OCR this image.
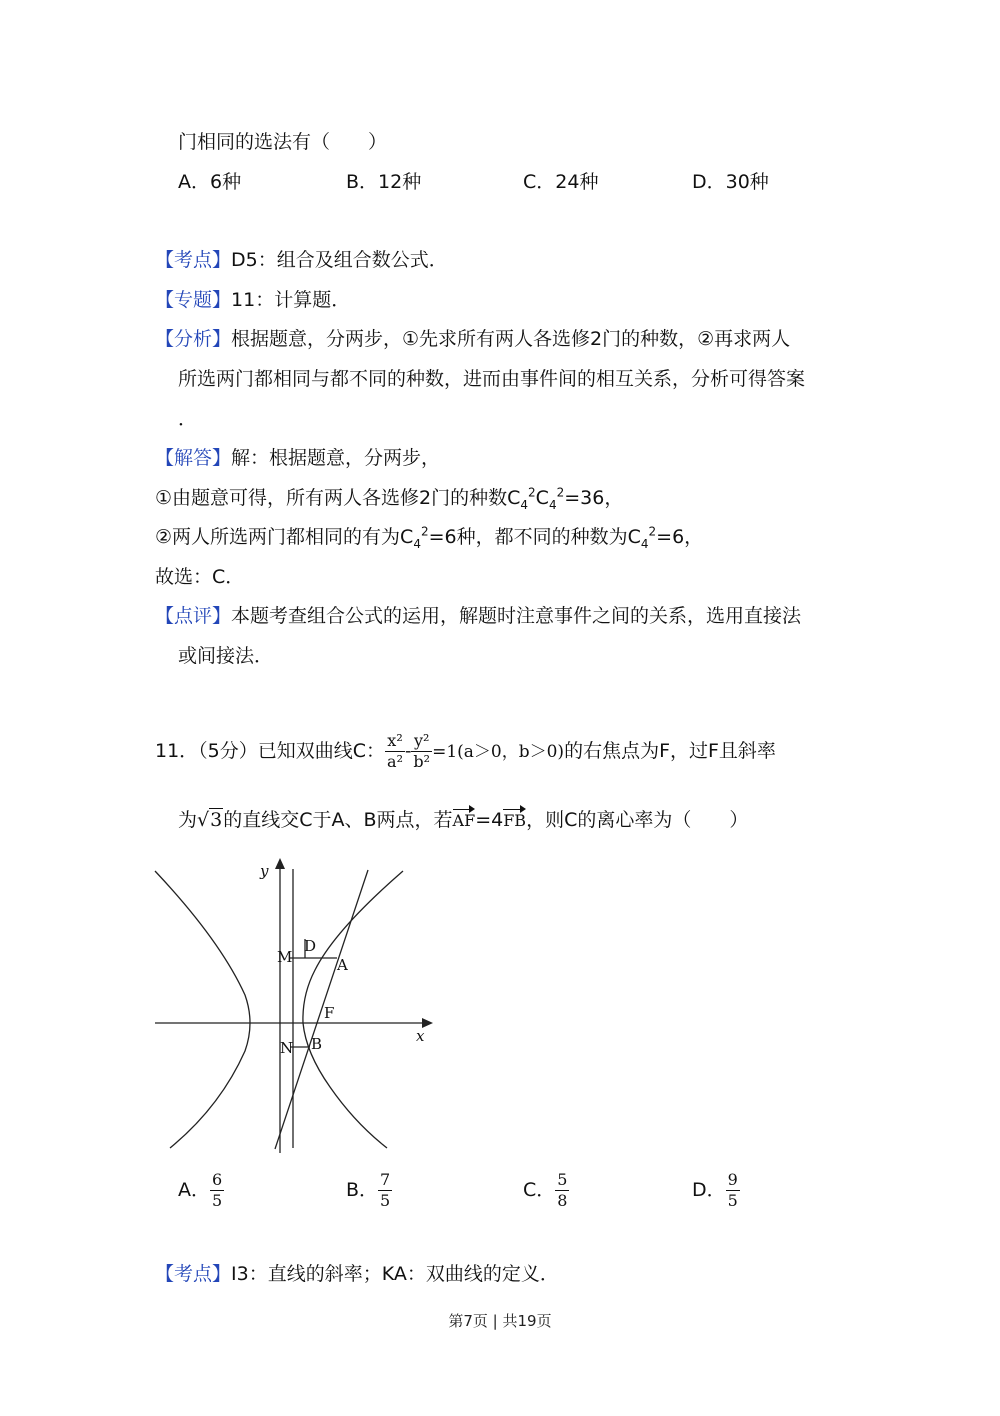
门相同的选法有（　　）
A．6种	B．12种	C．24种	D．30种
【考点】D5：组合及组合数公式．
【专题】11：计算题．
【分析】根据题意，分两步，①先求所有两人各选修2门的种数，②再求两人
所选两门都相同与都不同的种数，进而由事件间的相互关系，分析可得答案
．
【解答】解：根据题意，分两步，
①由题意可得，所有两人各选修2门的种数$C_4^2C_4^2=36$，
②两人所选两门都相同的有为$C_4^2=6$种，都不同的种数为$C_4^2=6$，
故选：C．
【点评】本题考查组合公式的运用，解题时注意事件之间的关系，选用直接法
或间接法．
11．（5分）已知双曲线C： $\frac{\text{x²}}{\text{a²}} - \frac{\text{y²}}{\text{b²}} =1(a>0$，b＞0)的右焦点为F，过F且斜率
为√3的直线交C于A、B两点，若AF=4FB，则C的离心率为（　　）
y
x
M
D
A
F
N B
A． $\frac{6}{5}$	B． $\frac{7}{5}$	C． $\frac{5}{8}$	D． $\frac{9}{5}$
【考点】I3：直线的斜率；KA：双曲线的定义．
第7页 | 共19页
